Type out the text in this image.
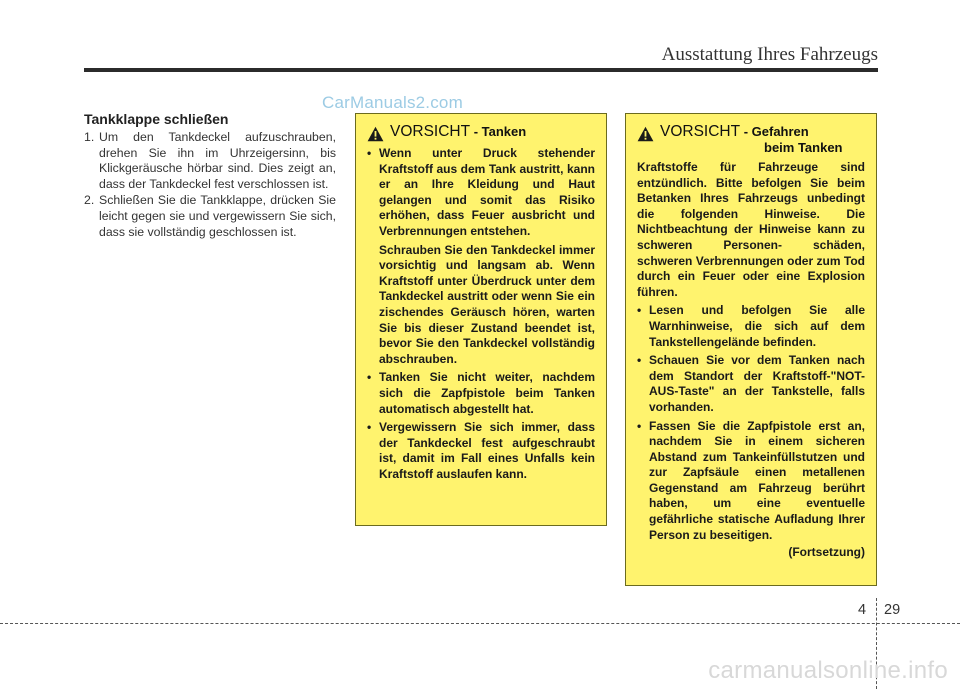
Ausstattung Ihres Fahrzeugs
CarManuals2.com
Tankklappe schließen
1. Um den Tankdeckel aufzuschrauben, drehen Sie ihn im Uhrzeigersinn, bis Klickgeräusche hörbar sind. Dies zeigt an, dass der Tankdeckel fest verschlossen ist.
2. Schließen Sie die Tankklappe, drücken Sie leicht gegen sie und vergewissern Sie sich, dass sie vollständig geschlossen ist.
VORSICHT - Tanken
• Wenn unter Druck stehender Kraftstoff aus dem Tank austritt, kann er an Ihre Kleidung und Haut gelangen und somit das Risiko erhöhen, dass Feuer ausbricht und Verbrennungen entstehen.

Schrauben Sie den Tankdeckel immer vorsichtig und langsam ab. Wenn Kraftstoff unter Überdruck unter dem Tankdeckel austritt oder wenn Sie ein zischendes Geräusch hören, warten Sie bis dieser Zustand beendet ist, bevor Sie den Tankdeckel vollständig abschrauben.

• Tanken Sie nicht weiter, nachdem sich die Zapfpistole beim Tanken automatisch abgestellt hat.
• Vergewissern Sie sich immer, dass der Tankdeckel fest aufgeschraubt ist, damit im Fall eines Unfalls kein Kraftstoff auslaufen kann.
VORSICHT - Gefahren
beim Tanken
Kraftstoffe für Fahrzeuge sind entzündlich. Bitte befolgen Sie beim Betanken Ihres Fahrzeugs unbedingt die folgenden Hinweise. Die Nichtbeachtung der Hinweise kann zu schweren Personen- schäden, schweren Verbrennungen oder zum Tod durch ein Feuer oder eine Explosion führen.
• Lesen und befolgen Sie alle Warnhinweise, die sich auf dem Tankstellengelände befinden.
• Schauen Sie vor dem Tanken nach dem Standort der Kraftstoff-"NOT-AUS-Taste" an der Tankstelle, falls vorhanden.
• Fassen Sie die Zapfpistole erst an, nachdem Sie in einem sicheren Abstand zum Tankeinfüllstutzen und zur Zapfsäule einen metallenen Gegenstand am Fahrzeug berührt haben, um eine eventuelle gefährliche statische Aufladung Ihrer Person zu beseitigen.
(Fortsetzung)
4 29
carmanualsonline.info
